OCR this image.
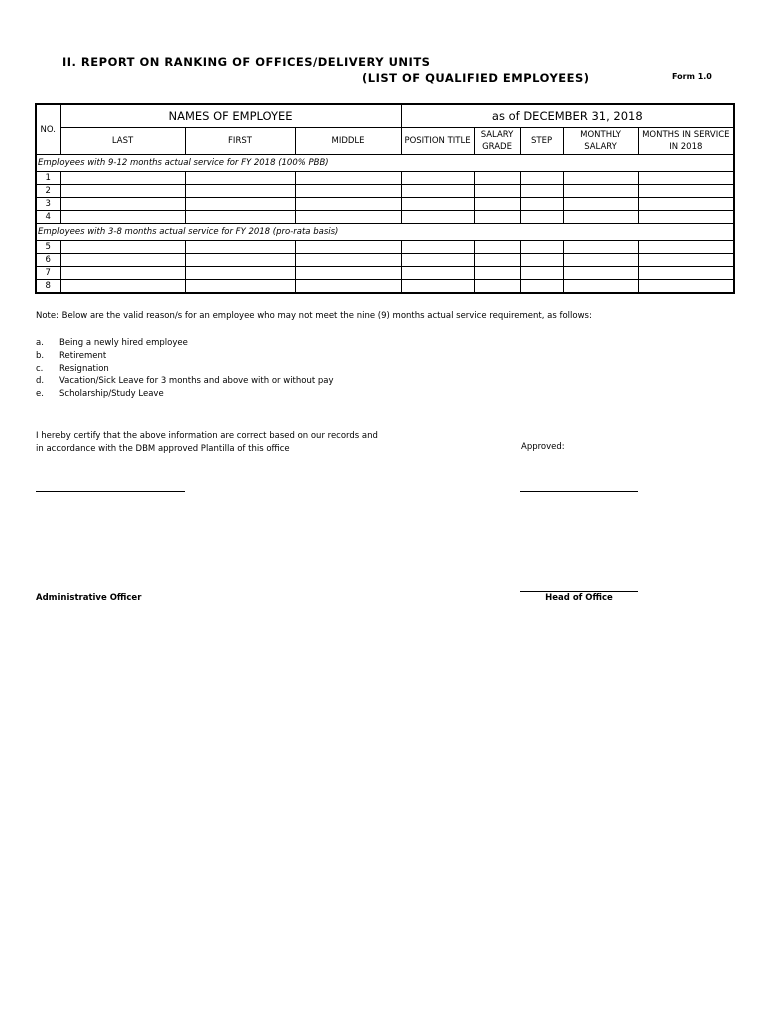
II. REPORT ON RANKING OF OFFICES/DELIVERY UNITS
(LIST OF QUALIFIED EMPLOYEES)	Form 1.0
NO.	NAMES OF EMPLOYEE			as of DECEMBER 31, 2018				
	LAST	FIRST	MIDDLE	POSITION TITLE	SALARY GRADE	STEP	MONTHLY SALARY	MONTHS IN SERVICE IN 2018
Employees with 9-12 months actual service for FY 2018 (100% PBB)								
1								
2								
3								
4								
Employees with 3-8 months actual service for FY 2018 (pro-rata basis)								
5								
6								
7								
8								
Note: Below are the valid reason/s for an employee who may not meet the nine (9) months actual service requirement, as follows:
a. Being a newly hired employee
b. Retirement
c. Resignation
d. Vacation/Sick Leave for 3 months and above with or without pay
e. Scholarship/Study Leave
I hereby certify that the above information are correct based on our records and
in accordance with the DBM approved Plantilla of this office	Approved:
Administrative Officer	Head of Office
